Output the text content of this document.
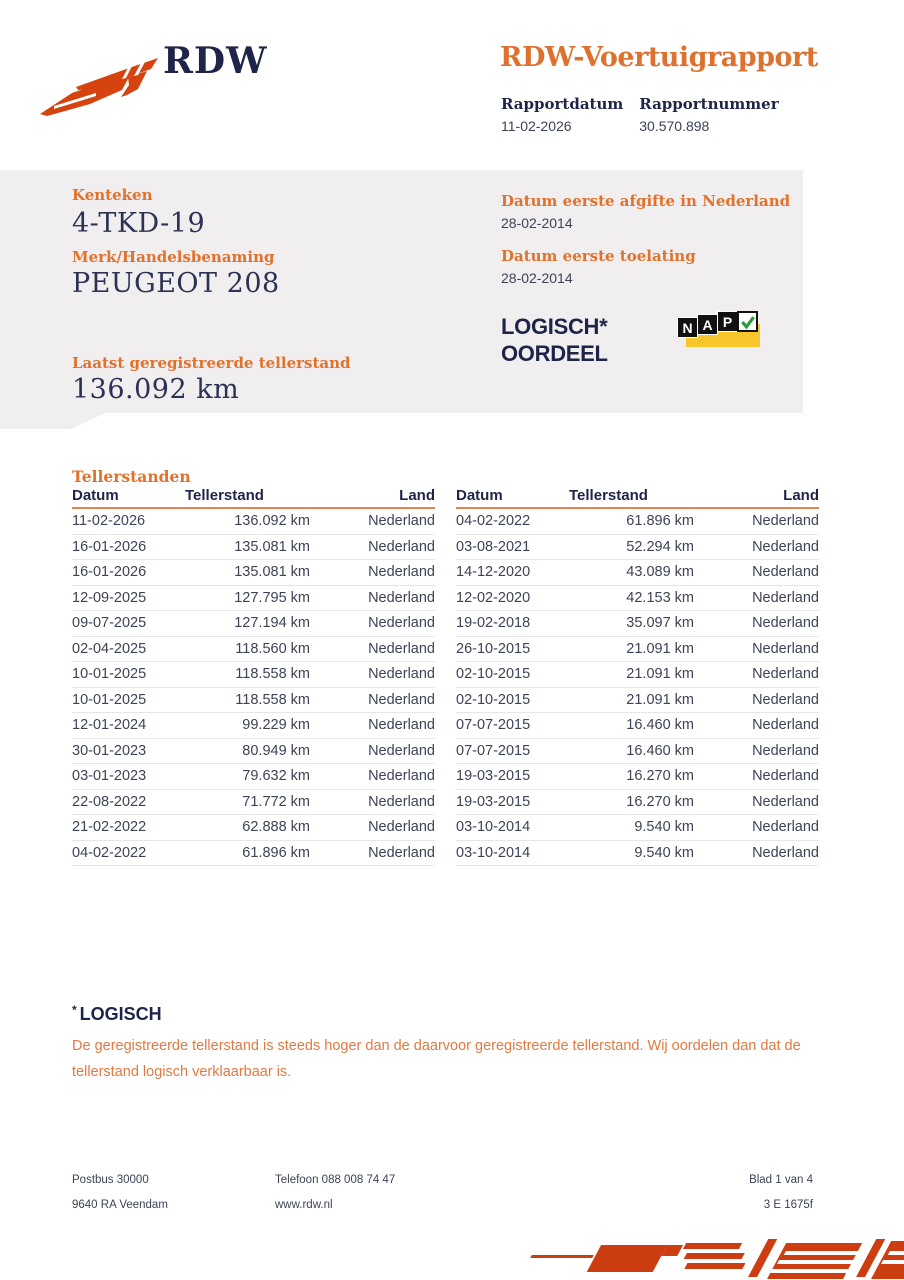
RDW	RDW-Voertuigrapport
Rapportdatum
11-02-2026
Rapportnummer
30.570.898
Kenteken
4-TKD-19
Merk/Handelsbenaming
PEUGEOT 208
Datum eerste afgifte in Nederland
28-02-2014
Datum eerste toelating
28-02-2014
LOGISCH*
OORDEEL
N A P
Laatst geregistreerde tellerstand
136.092 km
Tellerstanden
Datum	Tellerstand	Land
11-02-2026	136.092 km	Nederland
16-01-2026	135.081 km	Nederland
16-01-2026	135.081 km	Nederland
12-09-2025	127.795 km	Nederland
09-07-2025	127.194 km	Nederland
02-04-2025	118.560 km	Nederland
10-01-2025	118.558 km	Nederland
10-01-2025	118.558 km	Nederland
12-01-2024	99.229 km	Nederland
30-01-2023	80.949 km	Nederland
03-01-2023	79.632 km	Nederland
22-08-2022	71.772 km	Nederland
21-02-2022	62.888 km	Nederland
04-02-2022	61.896 km	Nederland
Datum	Tellerstand	Land
04-02-2022	61.896 km	Nederland
03-08-2021	52.294 km	Nederland
14-12-2020	43.089 km	Nederland
12-02-2020	42.153 km	Nederland
19-02-2018	35.097 km	Nederland
26-10-2015	21.091 km	Nederland
02-10-2015	21.091 km	Nederland
02-10-2015	21.091 km	Nederland
07-07-2015	16.460 km	Nederland
07-07-2015	16.460 km	Nederland
19-03-2015	16.270 km	Nederland
19-03-2015	16.270 km	Nederland
03-10-2014	9.540 km	Nederland
03-10-2014	9.540 km	Nederland
* LOGISCH
De geregistreerde tellerstand is steeds hoger dan de daarvoor geregistreerde tellerstand. Wij oordelen dan dat de tellerstand logisch verklaarbaar is.
Postbus 30000
9640 RA Veendam
Telefoon 088 008 74 47
www.rdw.nl
Blad 1 van 4
3 E 1675f
